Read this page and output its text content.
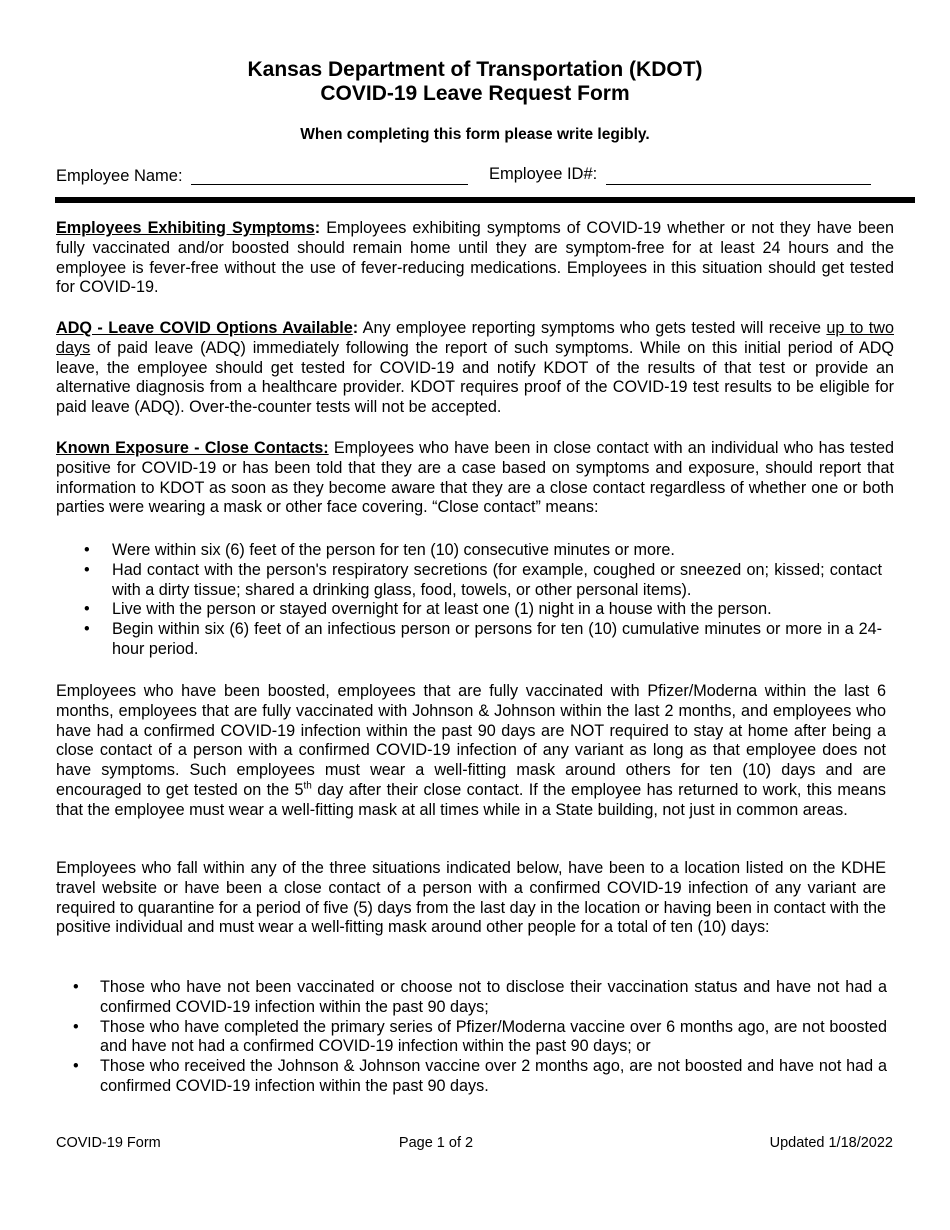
Kansas Department of Transportation (KDOT)
COVID-19 Leave Request Form
When completing this form please write legibly.
Employee Name:	Employee ID#:
Employees Exhibiting Symptoms: Employees exhibiting symptoms of COVID-19 whether or not they have been fully vaccinated and/or boosted should remain home until they are symptom-free for at least 24 hours and the employee is fever-free without the use of fever-reducing medications. Employees in this situation should get tested for COVID-19.
ADQ - Leave COVID Options Available: Any employee reporting symptoms who gets tested will receive up to two days of paid leave (ADQ) immediately following the report of such symptoms. While on this initial period of ADQ leave, the employee should get tested for COVID-19 and notify KDOT of the results of that test or provide an alternative diagnosis from a healthcare provider. KDOT requires proof of the COVID-19 test results to be eligible for paid leave (ADQ). Over-the-counter tests will not be accepted.
Known Exposure - Close Contacts: Employees who have been in close contact with an individual who has tested positive for COVID-19 or has been told that they are a case based on symptoms and exposure, should report that information to KDOT as soon as they become aware that they are a close contact regardless of whether one or both parties were wearing a mask or other face covering. “Close contact” means:
• Were within six (6) feet of the person for ten (10) consecutive minutes or more.
• Had contact with the person's respiratory secretions (for example, coughed or sneezed on; kissed; contact with a dirty tissue; shared a drinking glass, food, towels, or other personal items).
• Live with the person or stayed overnight for at least one (1) night in a house with the person.
• Begin within six (6) feet of an infectious person or persons for ten (10) cumulative minutes or more in a 24-hour period.
Employees who have been boosted, employees that are fully vaccinated with Pfizer/Moderna within the last 6 months, employees that are fully vaccinated with Johnson & Johnson within the last 2 months, and employees who have had a confirmed COVID-19 infection within the past 90 days are NOT required to stay at home after being a close contact of a person with a confirmed COVID-19 infection of any variant as long as that employee does not have symptoms. Such employees must wear a well-fitting mask around others for ten (10) days and are encouraged to get tested on the 5th day after their close contact. If the employee has returned to work, this means that the employee must wear a well-fitting mask at all times while in a State building, not just in common areas.
Employees who fall within any of the three situations indicated below, have been to a location listed on the KDHE travel website or have been a close contact of a person with a confirmed COVID-19 infection of any variant are required to quarantine for a period of five (5) days from the last day in the location or having been in contact with the positive individual and must wear a well-fitting mask around other people for a total of ten (10) days:
• Those who have not been vaccinated or choose not to disclose their vaccination status and have not had a confirmed COVID-19 infection within the past 90 days;
• Those who have completed the primary series of Pfizer/Moderna vaccine over 6 months ago, are not boosted and have not had a confirmed COVID-19 infection within the past 90 days; or
• Those who received the Johnson & Johnson vaccine over 2 months ago, are not boosted and have not had a confirmed COVID-19 infection within the past 90 days.
COVID-19 Form	Page 1 of 2	Updated 1/18/2022
